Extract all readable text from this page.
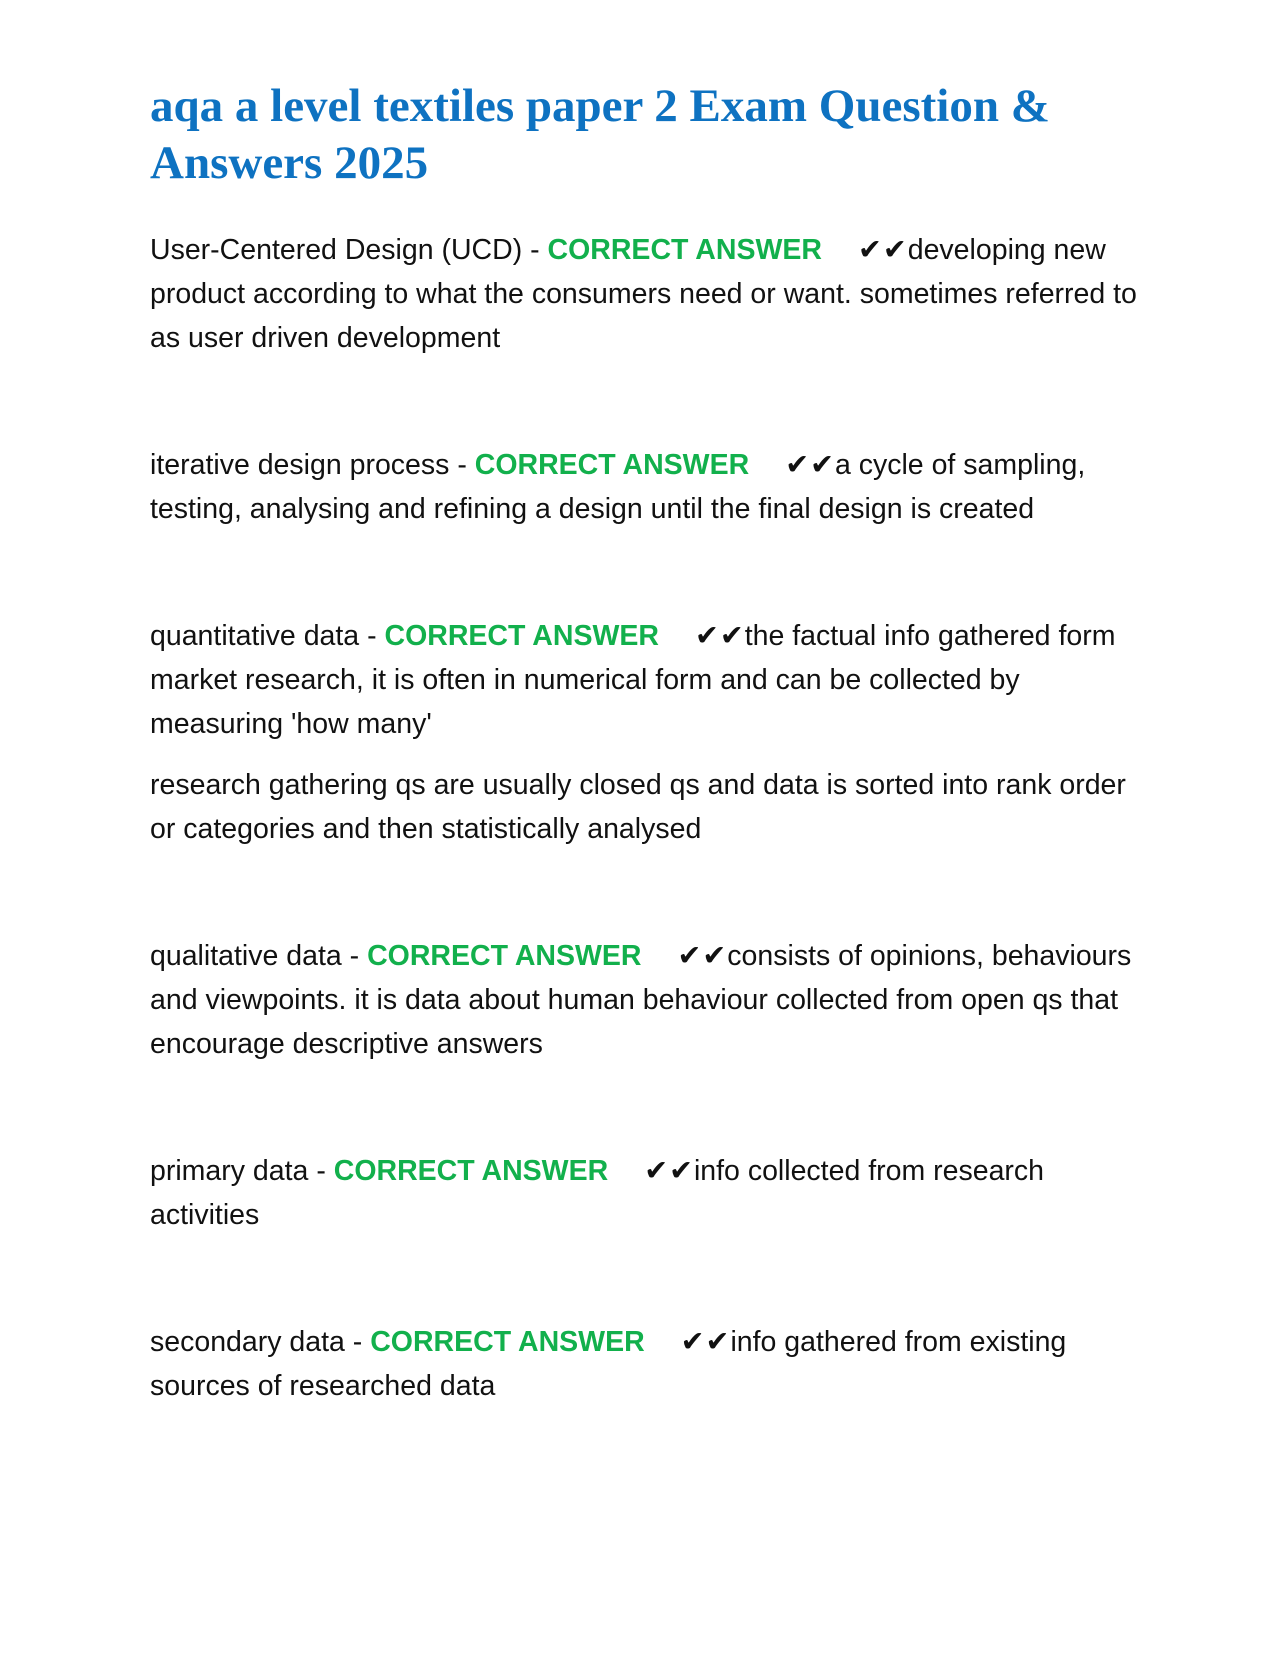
aqa a level textiles paper 2 Exam Question & Answers 2025

User-Centered Design (UCD) - CORRECT ANSWER ✔✔developing new product according to what the consumers need or want. sometimes referred to as user driven development

iterative design process - CORRECT ANSWER ✔✔a cycle of sampling, testing, analysing and refining a design until the final design is created

quantitative data - CORRECT ANSWER ✔✔the factual info gathered form market research, it is often in numerical form and can be collected by measuring 'how many'

research gathering qs are usually closed qs and data is sorted into rank order or categories and then statistically analysed

qualitative data - CORRECT ANSWER ✔✔consists of opinions, behaviours and viewpoints. it is data about human behaviour collected from open qs that encourage descriptive answers

primary data - CORRECT ANSWER ✔✔info collected from research activities

secondary data - CORRECT ANSWER ✔✔info gathered from existing sources of researched data
